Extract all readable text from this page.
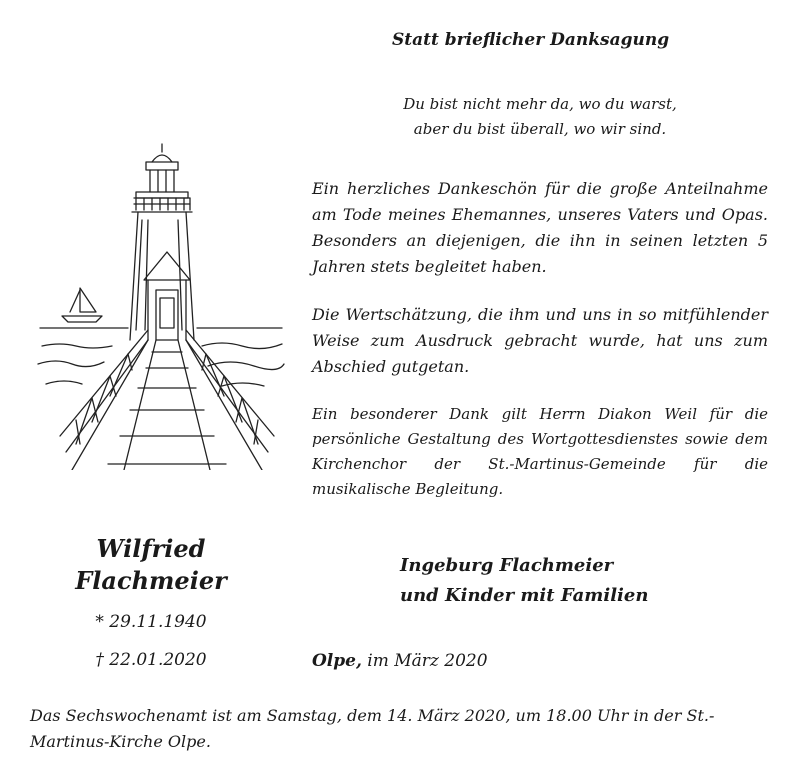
Statt brieflicher Danksagung
Du bist nicht mehr da, wo du warst,
aber du bist überall, wo wir sind.
Ein herzliches Dankeschön für die große Anteilnahme am Tode meines Ehemannes, unseres Vaters und Opas. Besonders an diejenigen, die ihn in seinen letzten 5 Jahren stets begleitet haben.
Die Wertschätzung, die ihm und uns in so mitfühlender Weise zum Ausdruck gebracht wurde, hat uns zum Abschied gutgetan.
Ein besonderer Dank gilt Herrn Diakon Weil für die persönliche Gestaltung des Wortgottesdienstes sowie dem Kirchenchor der St.-Martinus-Gemeinde für die musikalische Begleitung.
Wilfried
Flachmeier
* 29.11.1940
† 22.01.2020
Ingeburg Flachmeier
und Kinder mit Familien
Olpe, im März 2020
Das Sechswochenamt ist am Samstag, dem 14. März 2020, um 18.00 Uhr in der St.-Martinus-Kirche Olpe.
